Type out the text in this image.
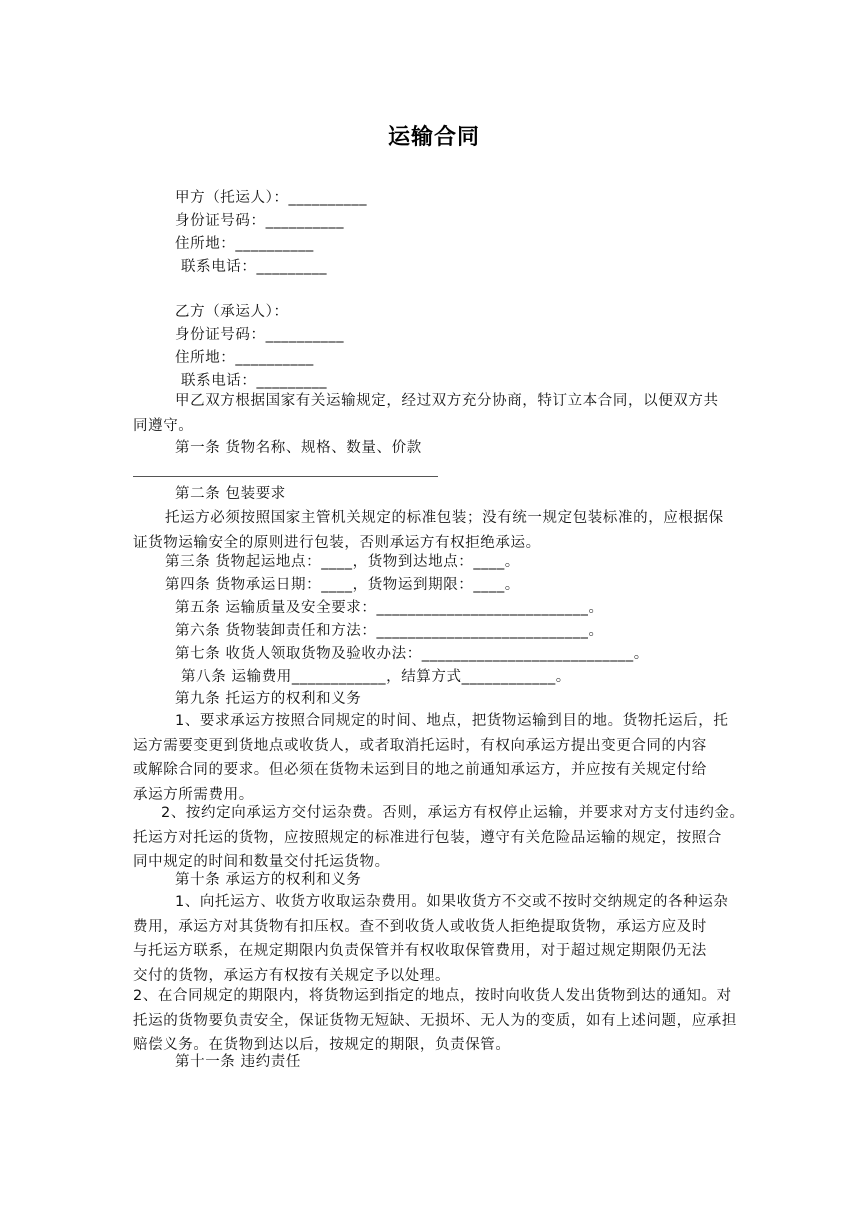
运输合同
甲方（托运人）：__________
身份证号码：__________
住所地：__________
联系电话：_________
乙方（承运人）：
身份证号码：__________
住所地：__________
联系电话：_________
甲乙双方根据国家有关运输规定，经过双方充分协商，特订立本合同，以便双方共
同遵守。
第一条 货物名称、规格、数量、价款
第二条 包装要求
托运方必须按照国家主管机关规定的标准包装；没有统一规定包装标准的，应根据保
证货物运输安全的原则进行包装，否则承运方有权拒绝承运。
第三条 货物起运地点：____，货物到达地点：____。
第四条 货物承运日期：____，货物运到期限：____。
第五条 运输质量及安全要求：___________________________。
第六条 货物装卸责任和方法：___________________________。
第七条 收货人领取货物及验收办法：___________________________。
第八条 运输费用____________，结算方式____________。
第九条 托运方的权利和义务
1、要求承运方按照合同规定的时间、地点，把货物运输到目的地。货物托运后，托
运方需要变更到货地点或收货人，或者取消托运时，有权向承运方提出变更合同的内容
或解除合同的要求。但必须在货物未运到目的地之前通知承运方，并应按有关规定付给
承运方所需费用。
2、按约定向承运方交付运杂费。否则，承运方有权停止运输，并要求对方支付违约金。
托运方对托运的货物，应按照规定的标准进行包装，遵守有关危险品运输的规定，按照合
同中规定的时间和数量交付托运货物。
第十条 承运方的权利和义务
1、向托运方、收货方收取运杂费用。如果收货方不交或不按时交纳规定的各种运杂
费用，承运方对其货物有扣压权。查不到收货人或收货人拒绝提取货物，承运方应及时
与托运方联系，在规定期限内负责保管并有权收取保管费用，对于超过规定期限仍无法
交付的货物，承运方有权按有关规定予以处理。
2、在合同规定的期限内，将货物运到指定的地点，按时向收货人发出货物到达的通知。对
托运的货物要负责安全，保证货物无短缺、无损坏、无人为的变质，如有上述问题，应承担
赔偿义务。在货物到达以后，按规定的期限，负责保管。
第十一条 违约责任
